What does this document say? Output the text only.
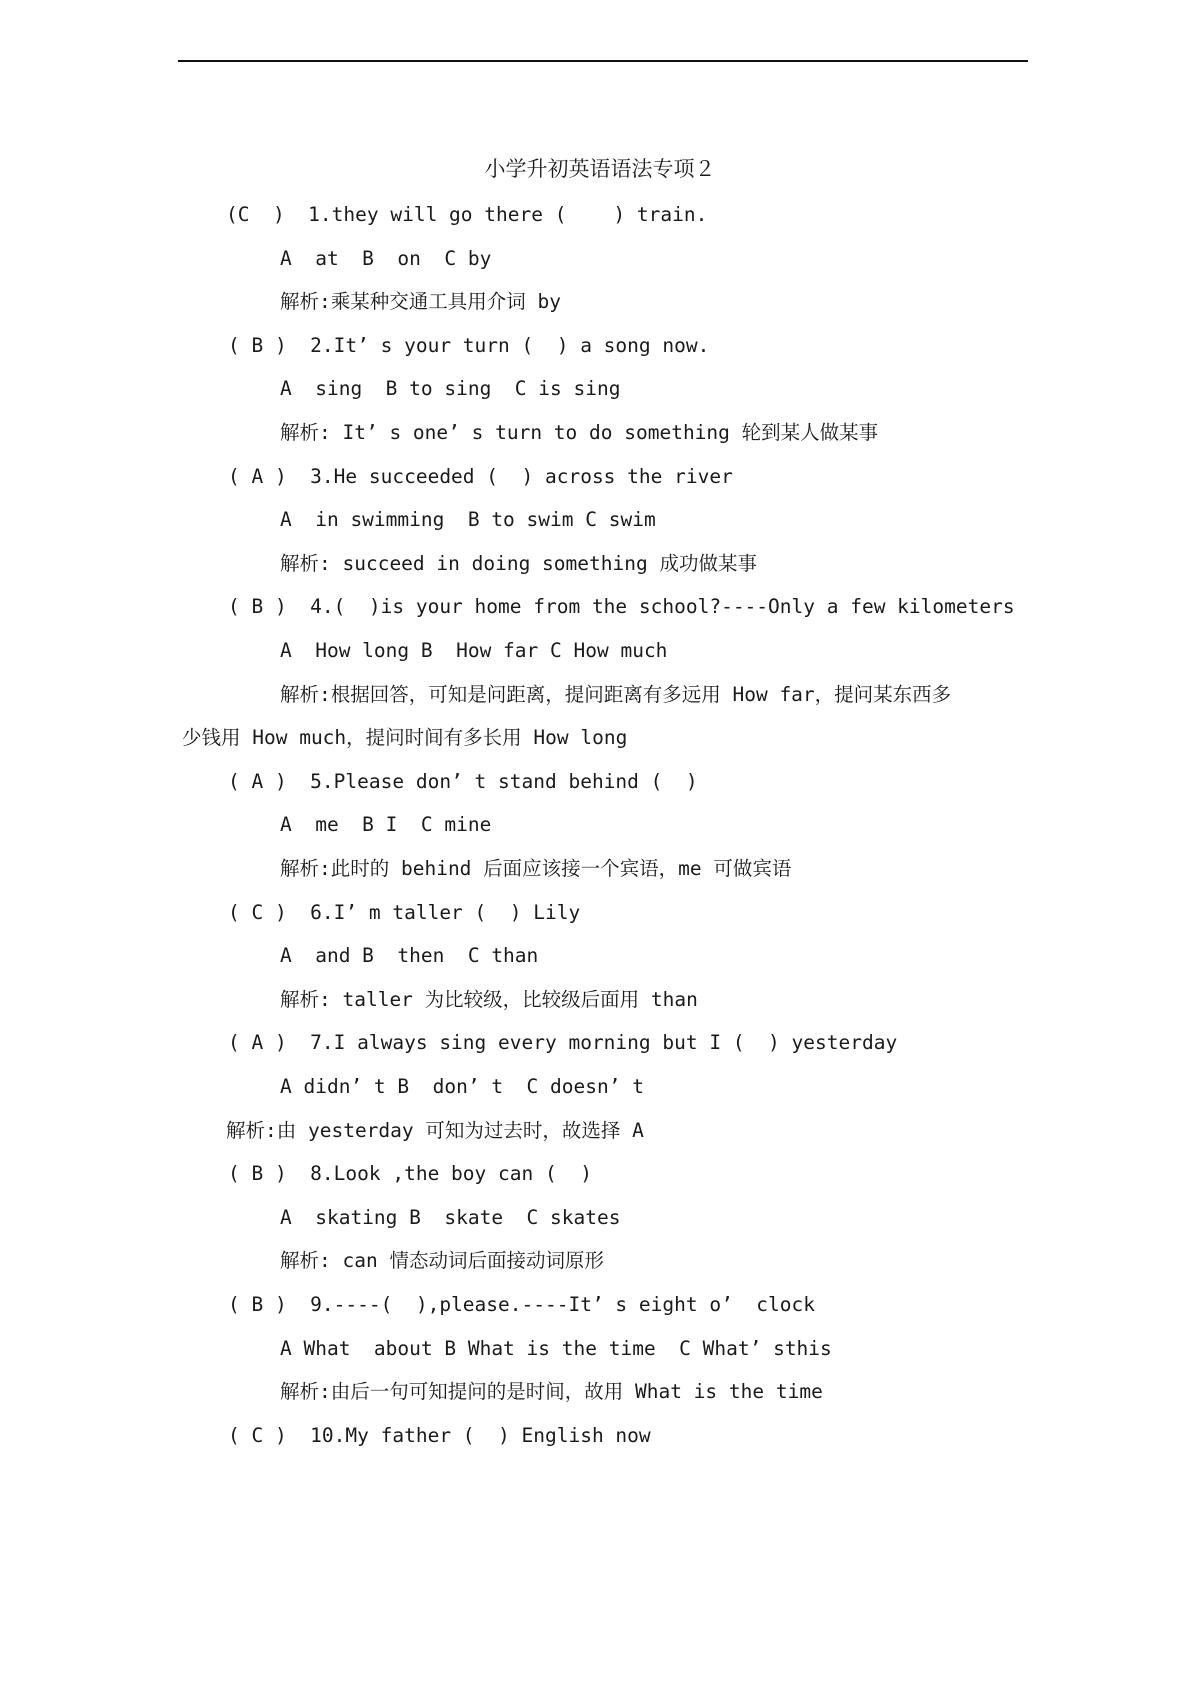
小学升初英语语法专项２
(C  )  1.they will go there (    ) train.
A  at  B  on  C by
解析:乘某种交通工具用介词 by
( B )  2.It’ s your turn (  ) a song now.
A  sing  B to sing  C is sing
解析: It’ s one’ s turn to do something 轮到某人做某事
( A )  3.He succeeded (  ) across the river
A  in swimming  B to swim C swim
解析: succeed in doing something 成功做某事
( B )  4.(  )is your home from the school?----Only a few kilometers
A  How long B  How far C How much
解析:根据回答，可知是问距离，提问距离有多远用 How far，提问某东西多
少钱用 How much，提问时间有多长用 How long
( A )  5.Please don’ t stand behind (  )
A  me  B I  C mine
解析:此时的 behind 后面应该接一个宾语，me 可做宾语
( C )  6.I’ m taller (  ) Lily
A  and B  then  C than
解析: taller 为比较级，比较级后面用 than
( A )  7.I always sing every morning but I (  ) yesterday
A didn’ t B  don’ t  C doesn’ t
解析:由 yesterday 可知为过去时，故选择 A
( B )  8.Look ,the boy can (  )
A  skating B  skate  C skates
解析: can 情态动词后面接动词原形
( B )  9.----(  ),please.----It’ s eight o’  clock
A What  about B What is the time  C What’ sthis
解析:由后一句可知提问的是时间，故用 What is the time
( C )  10.My father (  ) English now
